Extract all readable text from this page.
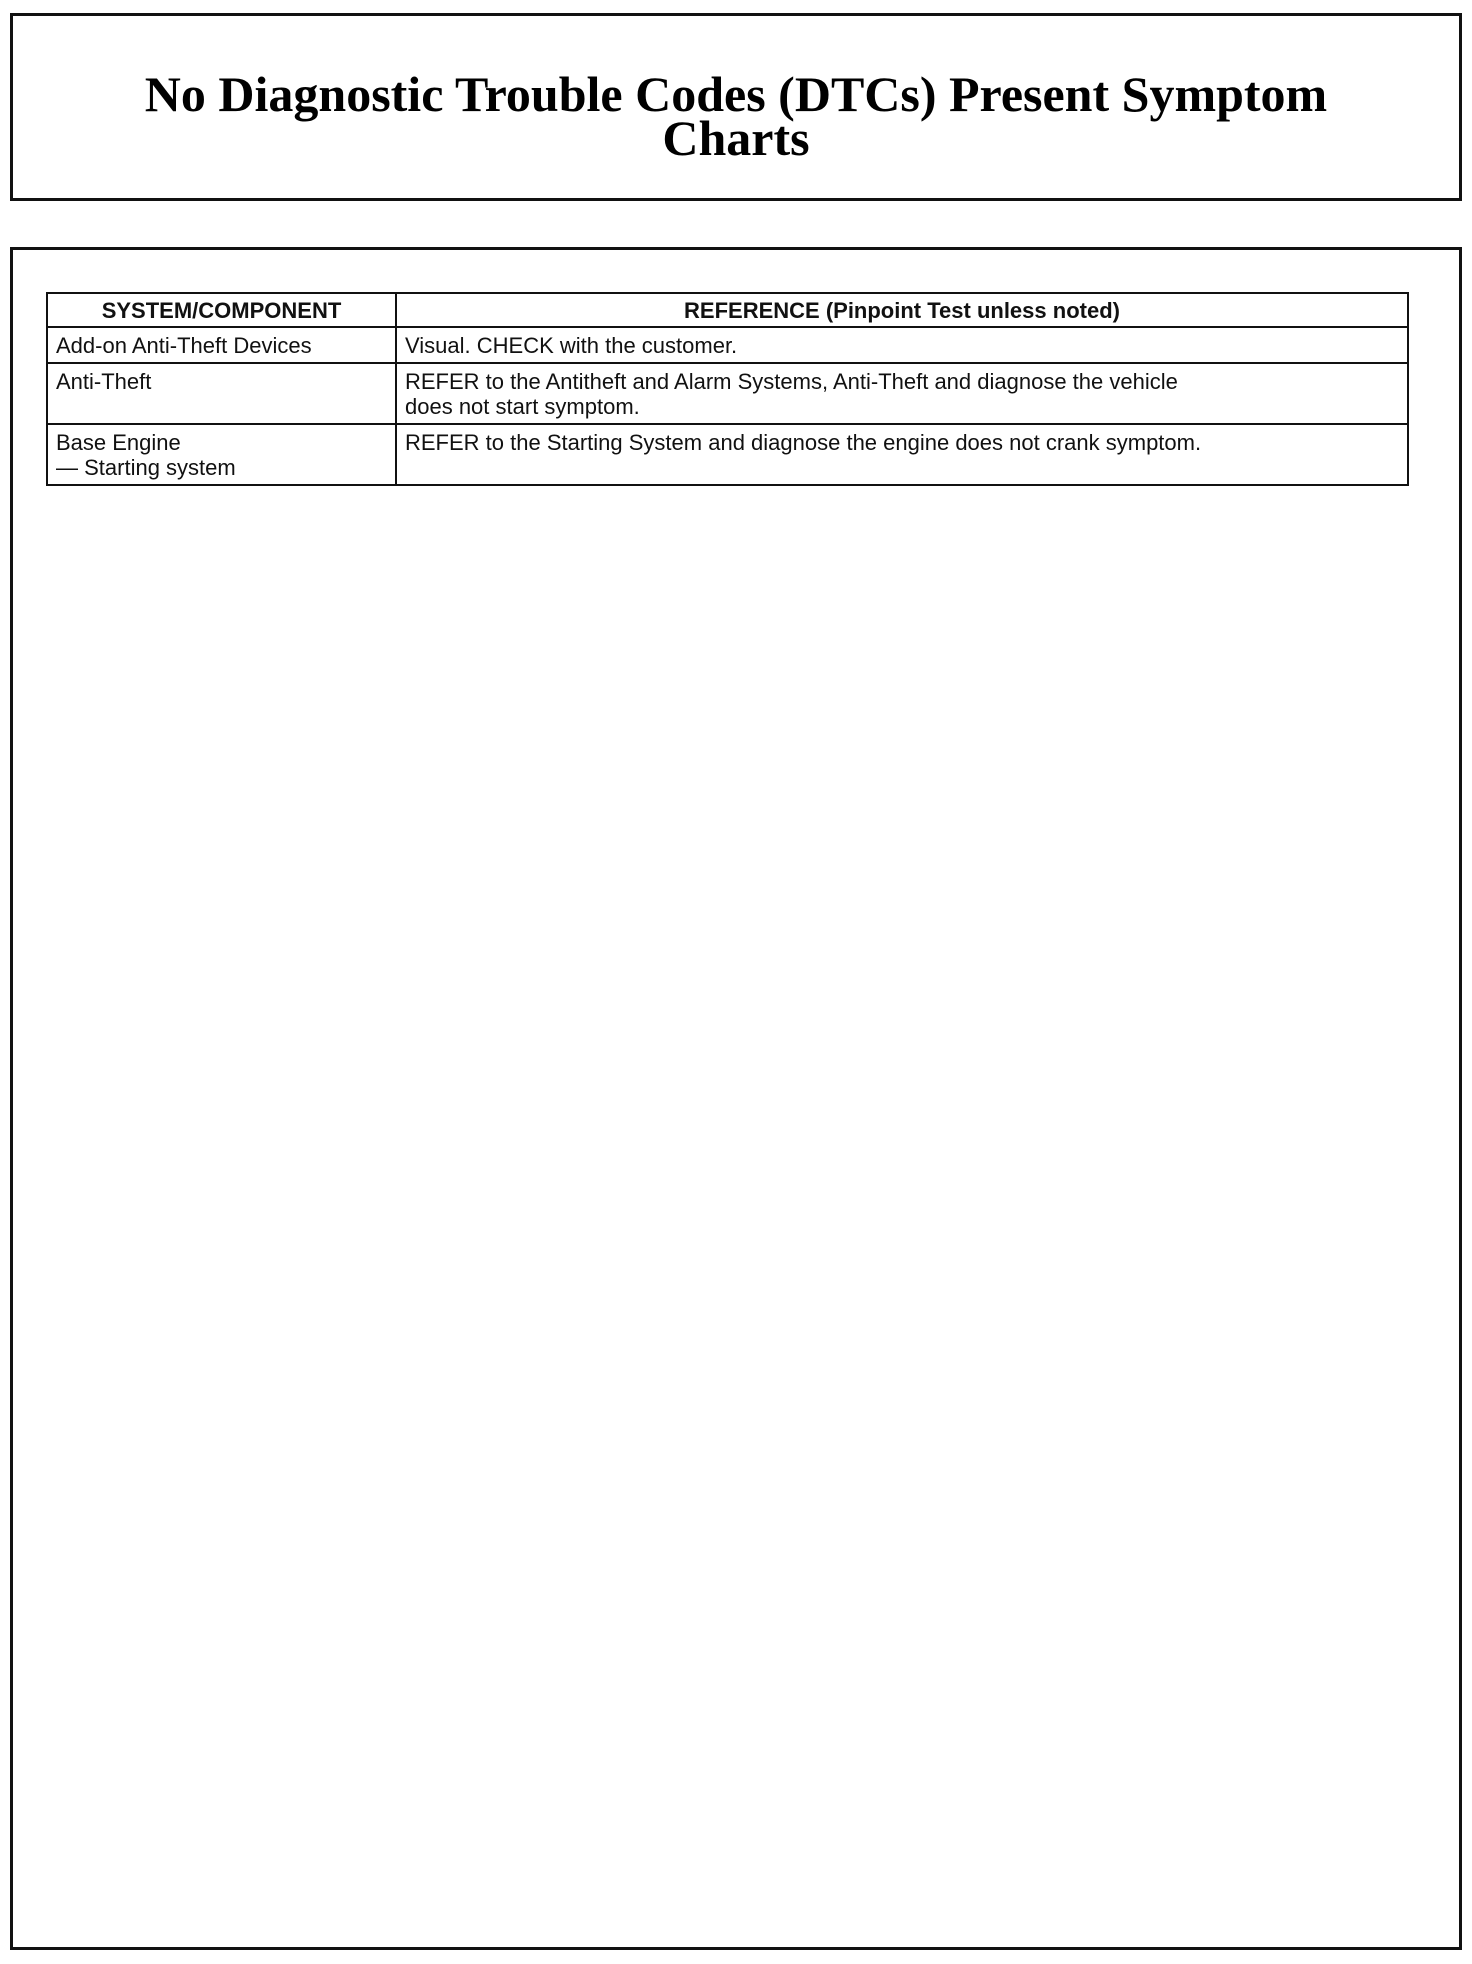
No Diagnostic Trouble Codes (DTCs) Present Symptom
Charts
SYSTEM/COMPONENT	REFERENCE (Pinpoint Test unless noted)
Add-on Anti-Theft Devices	Visual. CHECK with the customer.
Anti-Theft	REFER to the Antitheft and Alarm Systems, Anti-Theft and diagnose the vehicle
does not start symptom.

Base Engine
— Starting system	REFER to the Starting System and diagnose the engine does not crank symptom.
